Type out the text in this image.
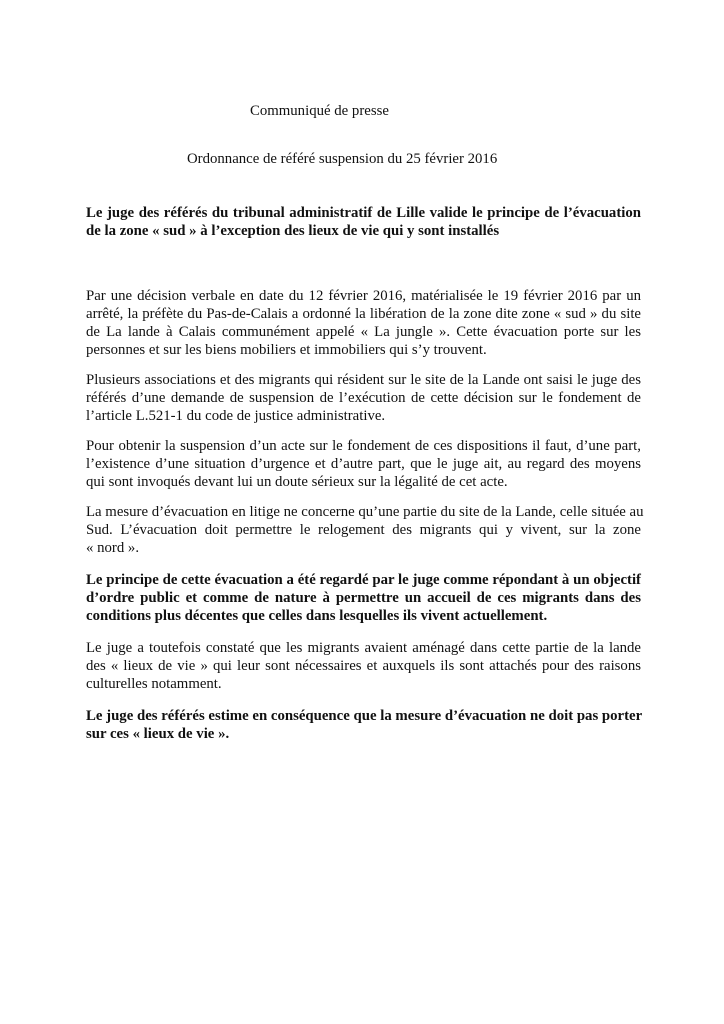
Communiqué de presse

Ordonnance de référé suspension du 25 février 2016

Le juge des référés du tribunal administratif de Lille valide le principe de l’évacuation
de la zone « sud » à l’exception des lieux de vie qui y sont installés
Par une décision verbale en date du 12 février 2016, matérialisée le 19 février 2016 par un
arrêté, la préfète du Pas-de-Calais a ordonné la libération de la zone dite zone « sud » du site
de La lande à Calais communément appelé « La jungle ». Cette évacuation porte sur les
personnes et sur les biens mobiliers et immobiliers qui s’y trouvent.
Plusieurs associations et des migrants qui résident sur le site de la Lande ont saisi le juge des
référés d’une demande de suspension de l’exécution de cette décision sur le fondement de
l’article L.521-1 du code de justice administrative.
Pour obtenir la suspension d’un acte sur le fondement de ces dispositions il faut, d’une part,
l’existence d’une situation d’urgence et d’autre part, que le juge ait, au regard des moyens
qui sont invoqués devant lui un doute sérieux sur la légalité de cet acte.
La mesure d’évacuation en litige ne concerne qu’une partie du site de la Lande, celle située au
Sud. L’évacuation doit permettre le relogement des migrants qui y vivent, sur la zone
« nord ».
Le principe de cette évacuation a été regardé par le juge comme répondant à un objectif
d’ordre public et comme de nature à permettre un accueil de ces migrants dans des
conditions plus décentes que celles dans lesquelles ils vivent actuellement.
Le juge a toutefois constaté que les migrants avaient aménagé dans cette partie de la lande
des « lieux de vie » qui leur sont nécessaires et auxquels ils sont attachés pour des raisons
culturelles notamment.
Le juge des référés estime en conséquence que la mesure d’évacuation ne doit pas porter
sur ces « lieux de vie ».
